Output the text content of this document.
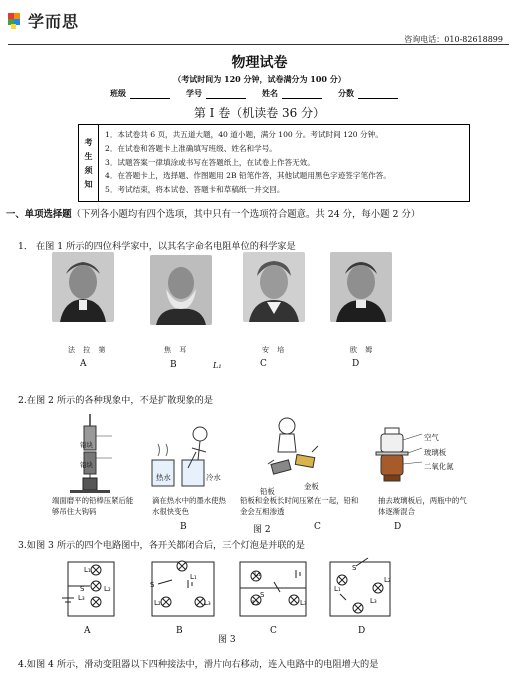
学而思
咨询电话：010-82618899
物理试卷
（考试时间为 120 分钟，试卷满分为 100 分）
班级	学号	姓名	分数
第 I 卷（机读卷 36 分）
考
生
须
知
1．本试卷共 6 页，共五道大题，40 道小题，满分 100 分。考试时间 120 分钟。
2．在试卷和答题卡上准确填写班级、姓名和学号。
3．试题答案一律填涂或书写在答题纸上，在试卷上作答无效。
4．在答题卡上，选择题、作图题用 2B 铅笔作答，其他试题用黑色字迹签字笔作答。
5．考试结束，将本试卷、答题卡和草稿纸一并交回。
一、单项选择题（下列各小题均有四个选项，其中只有一个选项符合题意。共 24 分，每小题 2 分）
1． 在图 1 所示的四位科学家中，以其名字命名电阻单位的科学家是
法 拉 第	焦 耳	安 培	欧 姆
A	B	L₁	C	D
2.在图 2 所示的各种现象中，不是扩散现象的是
铅块
铅块
热水	冷水
铅板
金板
空气
玻璃板
二氧化氮
端面磨平的铅棒压紧后能够吊住大钩码
滴在热水中的墨水使热水很快变色
铅板和金板长时间压紧在一起，铅和金会互相渗透
抽去玻璃板后，两瓶中的气体逐渐混合
B	图 2	C	D
3.如图 3 所示的四个电路图中，各开关都闭合后，三个灯泡是并联的是
L₁
L₂
L₃
S
L₁
L₂	L₃
S
L₁
L₂	L₃
S
L₁
L₂
L₃
S
A	B
图 3
C	D
4.如图 4 所示，滑动变阻器以下四种接法中，滑片向右移动，连入电路中的电阻增大的是
